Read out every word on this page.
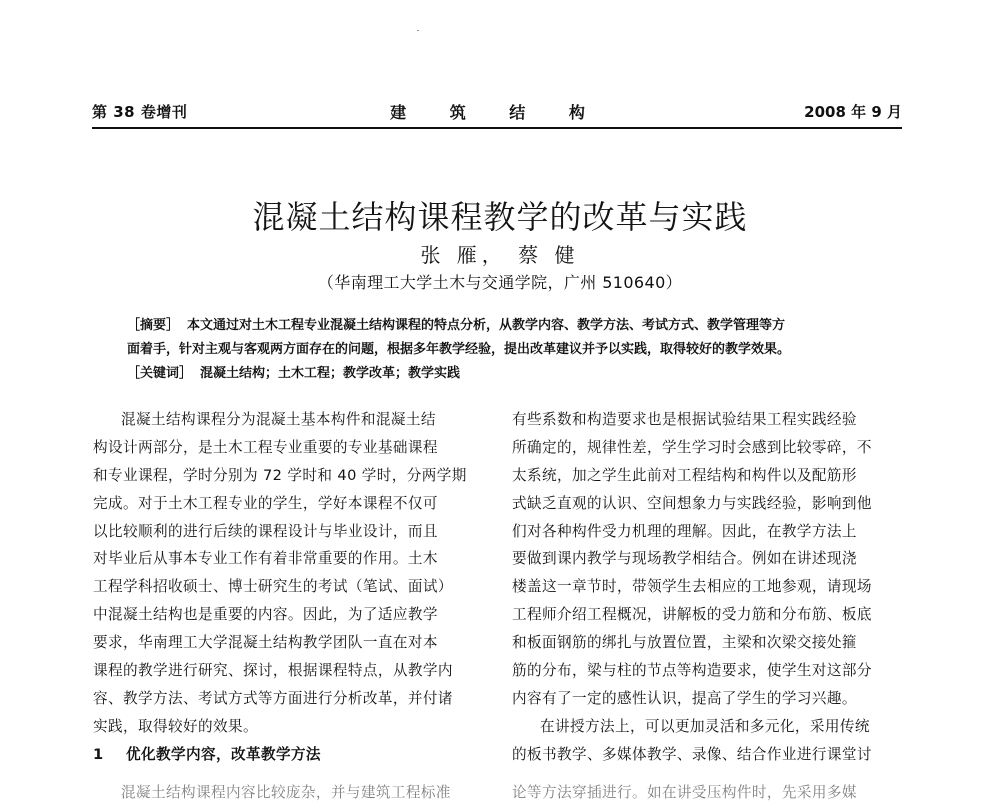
第 38 卷增刊	建 筑 结 构	2008 年 9 月
混凝土结构课程教学的改革与实践
张 雁， 蔡 健
（华南理工大学土木与交通学院，广州 510640）
［摘要］ 本文通过对土木工程专业混凝土结构课程的特点分析，从教学内容、教学方法、考试方式、教学管理等方
面着手，针对主观与客观两方面存在的问题，根据多年教学经验，提出改革建议并予以实践，取得较好的教学效果。
［关键词］ 混凝土结构；土木工程；教学改革；教学实践
混凝土结构课程分为混凝土基本构件和混凝土结
构设计两部分，是土木工程专业重要的专业基础课程
和专业课程，学时分别为 72 学时和 40 学时，分两学期
完成。对于土木工程专业的学生，学好本课程不仅可
以比较顺利的进行后续的课程设计与毕业设计，而且
对毕业后从事本专业工作有着非常重要的作用。土木
工程学科招收硕士、博士研究生的考试（笔试、面试）
中混凝土结构也是重要的内容。因此，为了适应教学
要求，华南理工大学混凝土结构教学团队一直在对本
课程的教学进行研究、探讨，根据课程特点，从教学内
容、教学方法、考试方式等方面进行分析改革，并付诸
实践，取得较好的效果。
1 优化教学内容，改革教学方法
混凝土结构课程内容比较庞杂，并与建筑工程标准
有些系数和构造要求也是根据试验结果工程实践经验
所确定的，规律性差，学生学习时会感到比较零碎，不
太系统，加之学生此前对工程结构和构件以及配筋形
式缺乏直观的认识、空间想象力与实践经验，影响到他
们对各种构件受力机理的理解。因此，在教学方法上
要做到课内教学与现场教学相结合。例如在讲述现浇
楼盖这一章节时，带领学生去相应的工地参观，请现场
工程师介绍工程概况，讲解板的受力筋和分布筋、板底
和板面钢筋的绑扎与放置位置，主梁和次梁交接处箍
筋的分布，梁与柱的节点等构造要求，使学生对这部分
内容有了一定的感性认识，提高了学生的学习兴趣。
在讲授方法上，可以更加灵活和多元化，采用传统
的板书教学、多媒体教学、录像、结合作业进行课堂讨
论等方法穿插进行。如在讲受压构件时，先采用多媒
